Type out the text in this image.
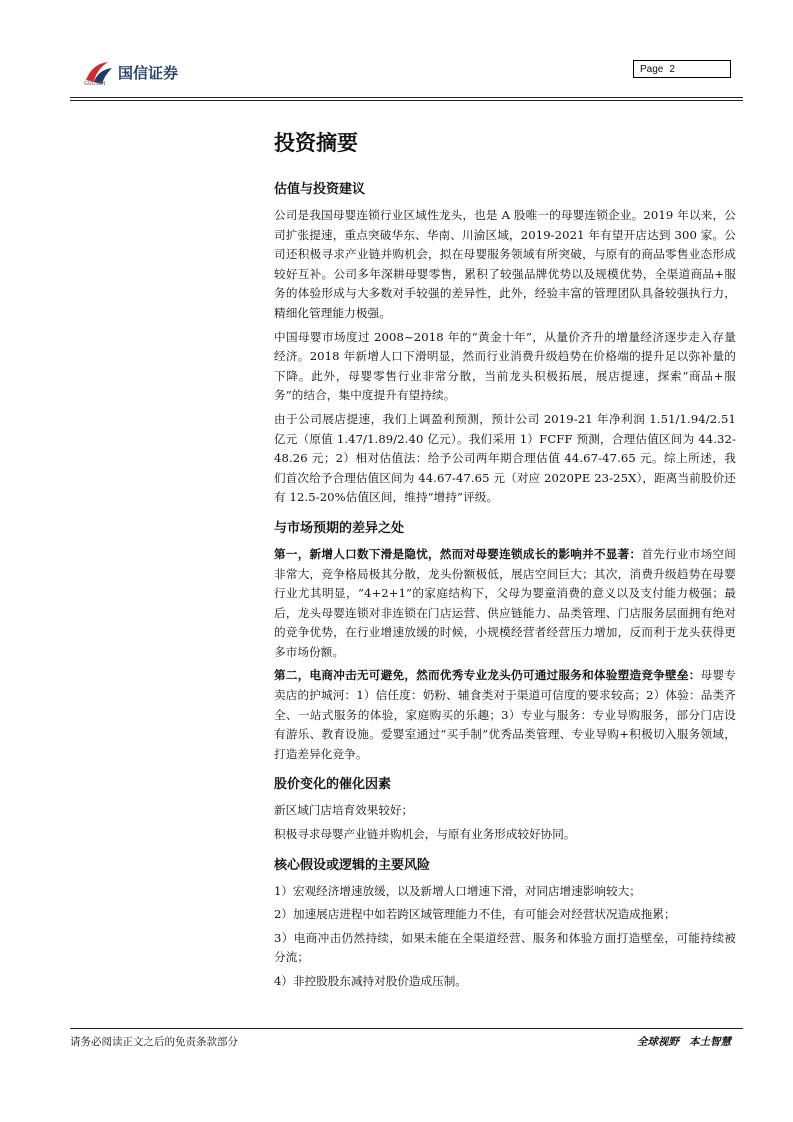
国信证券
GUOSEN
Page 2
投资摘要
估值与投资建议

公司是我国母婴连锁行业区域性龙头，也是 A 股唯一的母婴连锁企业。2019 年以来，公司扩张提速，重点突破华东、华南、川渝区域，2019-2021 年有望开店达到 300 家。公司还积极寻求产业链并购机会，拟在母婴服务领域有所突破，与原有的商品零售业态形成较好互补。公司多年深耕母婴零售，累积了较强品牌优势以及规模优势，全渠道商品+服务的体验形成与大多数对手较强的差异性，此外，经验丰富的管理团队具备较强执行力，精细化管理能力极强。

中国母婴市场度过 2008~2018 年的“黄金十年”，从量价齐升的增量经济逐步走入存量经济。2018 年新增人口下滑明显，然而行业消费升级趋势在价格端的提升足以弥补量的下降。此外，母婴零售行业非常分散，当前龙头积极拓展，展店提速，探索“商品+服务”的结合，集中度提升有望持续。

由于公司展店提速，我们上调盈利预测，预计公司 2019-21 年净利润 1.51/1.94/2.51 亿元（原值 1.47/1.89/2.40 亿元）。我们采用 1）FCFF 预测，合理估值区间为 44.32-48.26 元；2）相对估值法：给予公司两年期合理估值 44.67-47.65 元。综上所述，我们首次给予合理估值区间为 44.67-47.65 元（对应 2020PE 23-25X），距离当前股价还有 12.5-20%估值区间，维持“增持”评级。

与市场预期的差异之处

第一，新增人口数下滑是隐忧，然而对母婴连锁成长的影响并不显著：首先行业市场空间非常大，竞争格局极其分散，龙头份额极低，展店空间巨大；其次，消费升级趋势在母婴行业尤其明显，“4+2+1”的家庭结构下，父母为婴童消费的意义以及支付能力极强；最后，龙头母婴连锁对非连锁在门店运营、供应链能力、品类管理、门店服务层面拥有绝对的竞争优势，在行业增速放缓的时候，小规模经营者经营压力增加，反而利于龙头获得更多市场份额。

第二，电商冲击无可避免，然而优秀专业龙头仍可通过服务和体验塑造竞争壁垒：母婴专卖店的护城河：1）信任度：奶粉、辅食类对于渠道可信度的要求较高；2）体验：品类齐全、一站式服务的体验，家庭购买的乐趣；3）专业与服务：专业导购服务，部分门店设有游乐、教育设施。爱婴室通过“买手制”优秀品类管理、专业导购+积极切入服务领域，打造差异化竞争。

股价变化的催化因素

新区域门店培育效果较好；

积极寻求母婴产业链并购机会，与原有业务形成较好协同。

核心假设或逻辑的主要风险

1）宏观经济增速放缓，以及新增人口增速下滑，对同店增速影响较大；

2）加速展店进程中如若跨区域管理能力不佳，有可能会对经营状况造成拖累；

3）电商冲击仍然持续，如果未能在全渠道经营、服务和体验方面打造壁垒，可能持续被分流；

4）非控股股东减持对股价造成压制。

请务必阅读正文之后的免责条款部分	全球视野 本土智慧
